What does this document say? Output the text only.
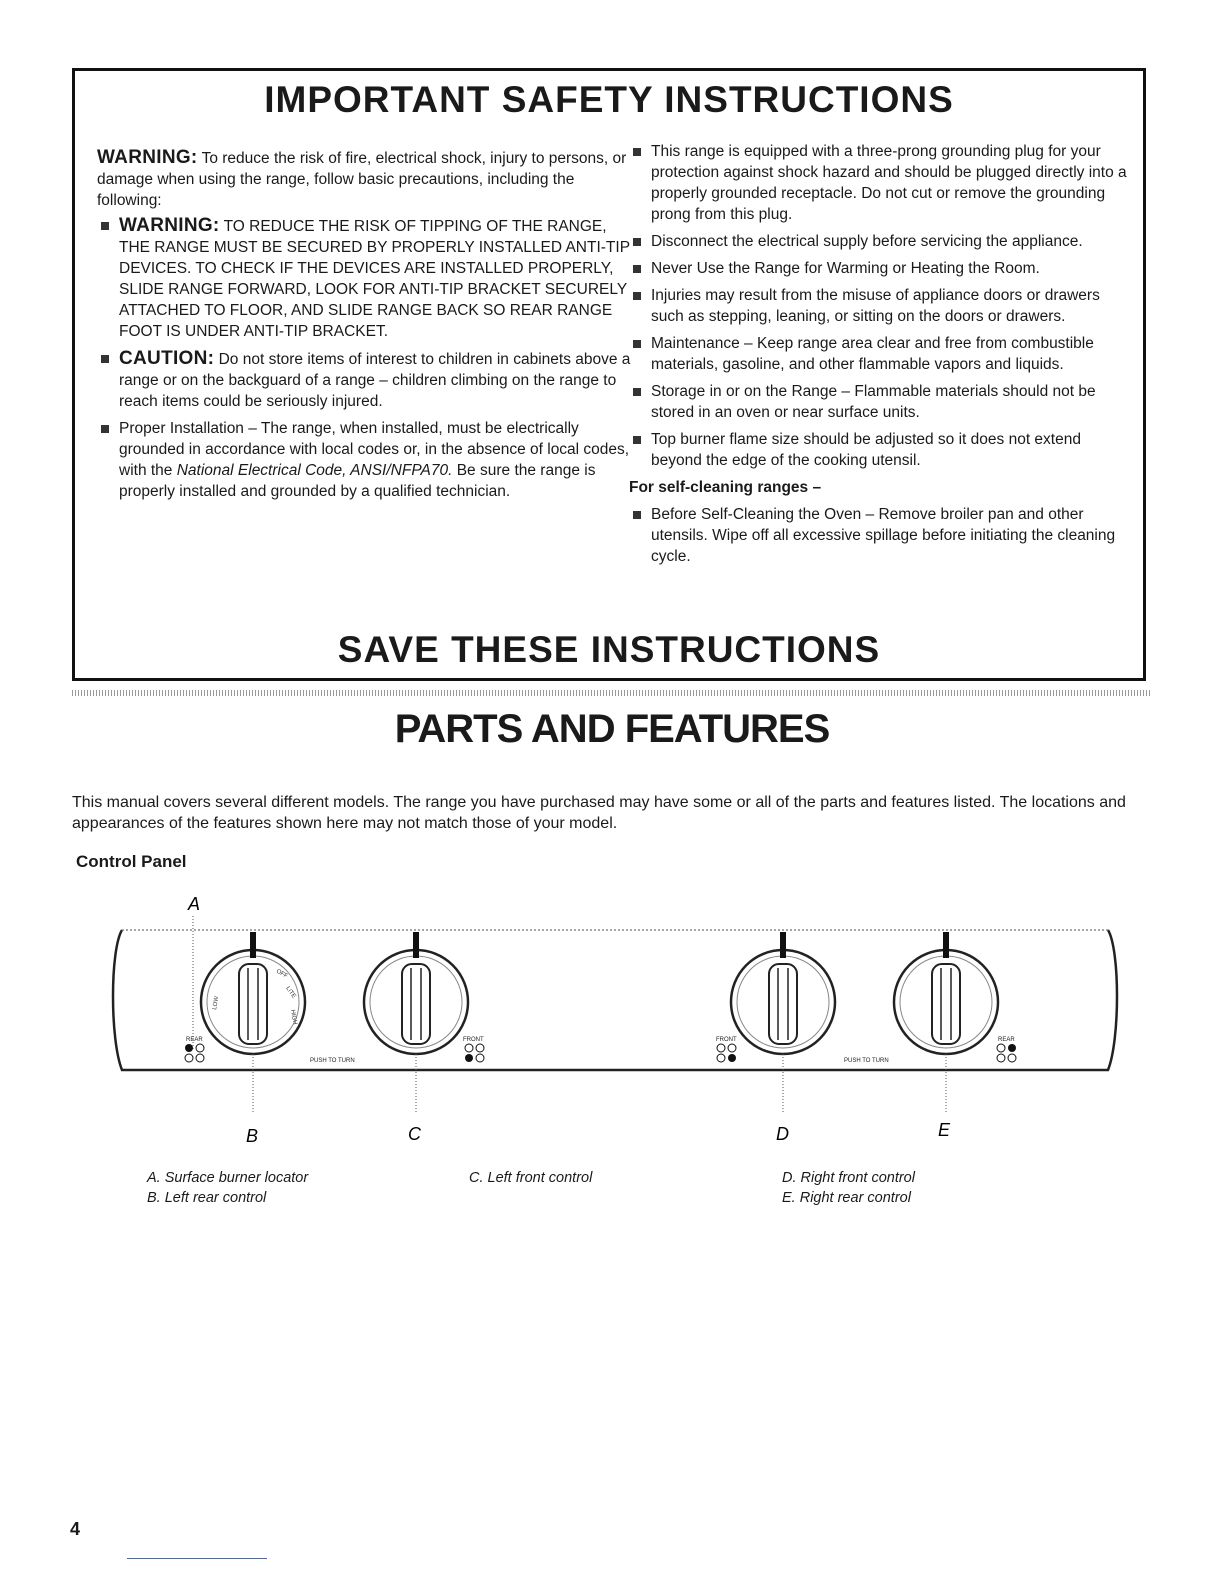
IMPORTANT SAFETY INSTRUCTIONS

WARNING: To reduce the risk of fire, electrical shock, injury to persons, or damage when using the range, follow basic precautions, including the following:

WARNING: TO REDUCE THE RISK OF TIPPING OF THE RANGE, THE RANGE MUST BE SECURED BY PROPERLY INSTALLED ANTI-TIP DEVICES. TO CHECK IF THE DEVICES ARE INSTALLED PROPERLY, SLIDE RANGE FORWARD, LOOK FOR ANTI-TIP BRACKET SECURELY ATTACHED TO FLOOR, AND SLIDE RANGE BACK SO REAR RANGE FOOT IS UNDER ANTI-TIP BRACKET.
CAUTION: Do not store items of interest to children in cabinets above a range or on the backguard of a range – children climbing on the range to reach items could be seriously injured.
Proper Installation – The range, when installed, must be electrically grounded in accordance with local codes or, in the absence of local codes, with the National Electrical Code, ANSI/NFPA70. Be sure the range is properly installed and grounded by a qualified technician.
This range is equipped with a three-prong grounding plug for your protection against shock hazard and should be plugged directly into a properly grounded receptacle. Do not cut or remove the grounding prong from this plug.
Disconnect the electrical supply before servicing the appliance.
Never Use the Range for Warming or Heating the Room.
Injuries may result from the misuse of appliance doors or drawers such as stepping, leaning, or sitting on the doors or drawers.
Maintenance – Keep range area clear and free from combustible materials, gasoline, and other flammable vapors and liquids.
Storage in or on the Range – Flammable materials should not be stored in an oven or near surface units.
Top burner flame size should be adjusted so it does not extend beyond the edge of the cooking utensil.
For self-cleaning ranges –
Before Self-Cleaning the Oven – Remove broiler pan and other utensils. Wipe off all excessive spillage before initiating the cleaning cycle.
SAVE THESE INSTRUCTIONS
PARTS AND FEATURES

This manual covers several different models. The range you have purchased may have some or all of the parts and features listed. The locations and appearances of the features shown here may not match those of your model.

Control Panel
A
OFF
LITE
HIGH
LOW
REAR	FRONT	FRONT	REAR
PUSH TO TURN	PUSH TO TURN
B	C	D	E
A. Surface burner locator
B. Left rear control
C. Left front control	D. Right front control
E. Right rear control
4
